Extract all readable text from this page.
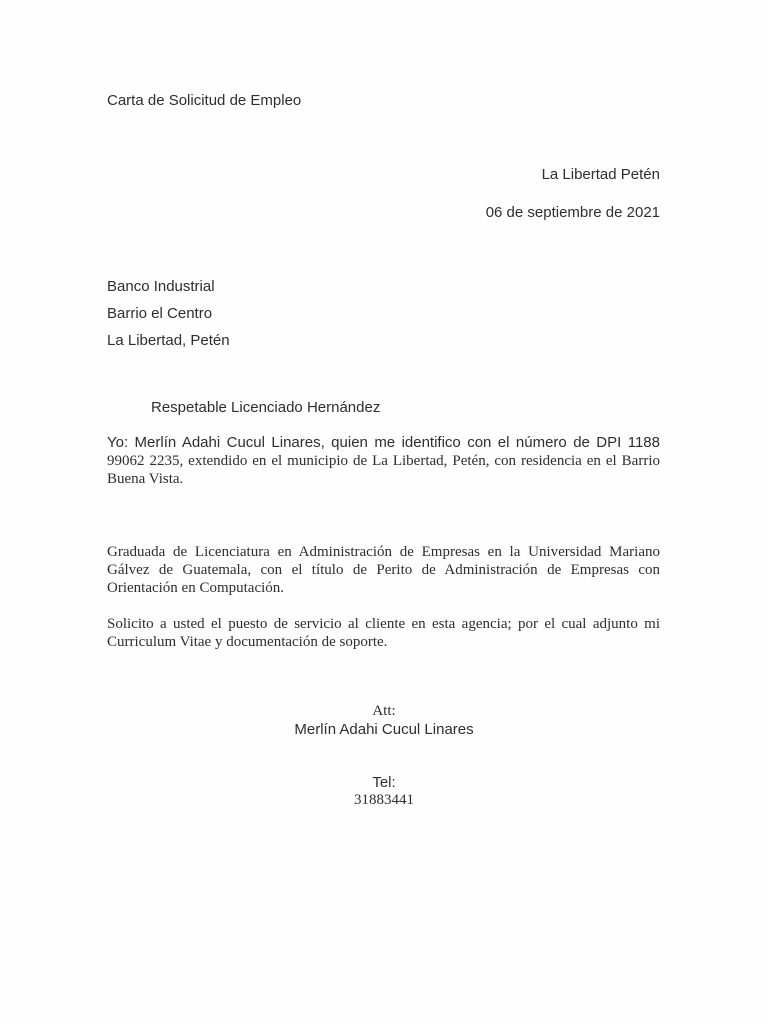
Carta de Solicitud de Empleo
La Libertad Petén
06 de septiembre de 2021
Banco Industrial
Barrio el Centro
La Libertad, Petén
Respetable Licenciado Hernández
Yo: Merlín Adahi Cucul Linares, quien me identifico con el número de DPI 1188
99062 2235, extendido en el municipio de La Libertad, Petén, con residencia en el Barrio
Buena Vista.
Graduada de Licenciatura en Administración de Empresas en la Universidad Mariano
Gálvez de Guatemala, con el título de Perito de Administración de Empresas con
Orientación en Computación.
Solicito a usted el puesto de servicio al cliente en esta agencia; por el cual adjunto mi
Curriculum Vitae y documentación de soporte.
Att:
Merlín Adahi Cucul Linares
Tel:
31883441
